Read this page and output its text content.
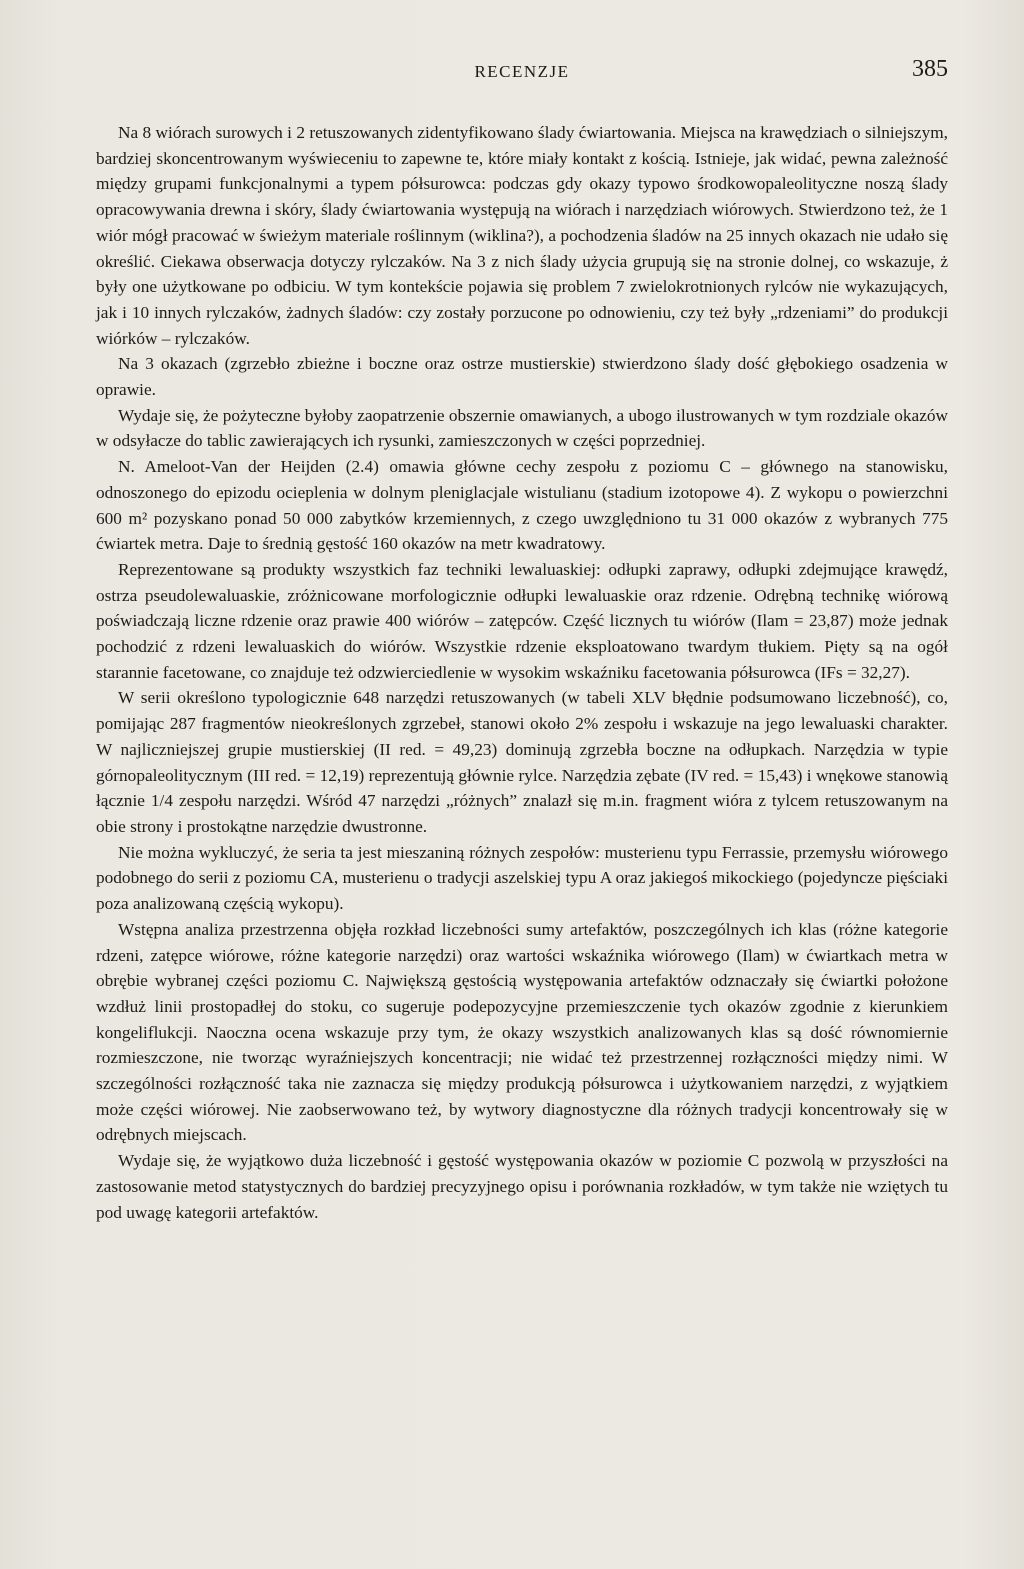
RECENZJE	385

Na 8 wiórach surowych i 2 retuszowanych zidentyfikowano ślady ćwiartowania. Miejsca na krawędziach o silniejszym, bardziej skoncentrowanym wyświeceniu to zapewne te, które miały kontakt z kością. Istnieje, jak widać, pewna zależność między grupami funkcjonalnymi a typem półsurowca: podczas gdy okazy typowo środkowopaleolityczne noszą ślady opracowywania drewna i skóry, ślady ćwiartowania występują na wiórach i narzędziach wiórowych. Stwierdzono też, że 1 wiór mógł pracować w świeżym materiale roślinnym (wiklina?), a pochodzenia śladów na 25 innych okazach nie udało się określić. Ciekawa obserwacja dotyczy rylczaków. Na 3 z nich ślady użycia grupują się na stronie dolnej, co wskazuje, ż były one użytkowane po odbiciu. W tym kontekście pojawia się problem 7 zwielokrotnionych rylców nie wykazujących, jak i 10 innych rylczaków, żadnych śladów: czy zostały porzucone po odnowieniu, czy też były „rdzeniami” do produkcji wiórków – rylczaków.

Na 3 okazach (zgrzebło zbieżne i boczne oraz ostrze mustierskie) stwierdzono ślady dość głębokiego osadzenia w oprawie.

Wydaje się, że pożyteczne byłoby zaopatrzenie obszernie omawianych, a ubogo ilustrowanych w tym rozdziale okazów w odsyłacze do tablic zawierających ich rysunki, zamieszczonych w części poprzedniej.

N. Ameloot-Van der Heijden (2.4) omawia główne cechy zespołu z poziomu C – głównego na stanowisku, odnoszonego do epizodu ocieplenia w dolnym pleniglacjale wistulianu (stadium izotopowe 4). Z wykopu o powierzchni 600 m² pozyskano ponad 50 000 zabytków krzemiennych, z czego uwzględniono tu 31 000 okazów z wybranych 775 ćwiartek metra. Daje to średnią gęstość 160 okazów na metr kwadratowy.

Reprezentowane są produkty wszystkich faz techniki lewaluaskiej: odłupki zaprawy, odłupki zdejmujące krawędź, ostrza pseudolewaluaskie, zróżnicowane morfologicznie odłupki lewaluaskie oraz rdzenie. Odrębną technikę wiórową poświadczają liczne rdzenie oraz prawie 400 wiórów – zatępców. Część licznych tu wiórów (Ilam = 23,87) może jednak pochodzić z rdzeni lewaluaskich do wiórów. Wszystkie rdzenie eksploatowano twardym tłukiem. Pięty są na ogół starannie facetowane, co znajduje też odzwierciedlenie w wysokim wskaźniku facetowania półsurowca (IFs = 32,27).

W serii określono typologicznie 648 narzędzi retuszowanych (w tabeli XLV błędnie podsumowano liczebność), co, pomijając 287 fragmentów nieokreślonych zgrzebeł, stanowi około 2% zespołu i wskazuje na jego lewaluaski charakter. W najliczniejszej grupie mustierskiej (II red. = 49,23) dominują zgrzebła boczne na odłupkach. Narzędzia w typie górnopaleolitycznym (III red. = 12,19) reprezentują głównie rylce. Narzędzia zębate (IV red. = 15,43) i wnękowe stanowią łącznie 1/4 zespołu narzędzi. Wśród 47 narzędzi „różnych” znalazł się m.in. fragment wióra z tylcem retuszowanym na obie strony i prostokątne narzędzie dwustronne.

Nie można wykluczyć, że seria ta jest mieszaniną różnych zespołów: musterienu typu Ferrassie, przemysłu wiórowego podobnego do serii z poziomu CA, musterienu o tradycji aszelskiej typu A oraz jakiegoś mikockiego (pojedyncze pięściaki poza analizowaną częścią wykopu).

Wstępna analiza przestrzenna objęła rozkład liczebności sumy artefaktów, poszczególnych ich klas (różne kategorie rdzeni, zatępce wiórowe, różne kategorie narzędzi) oraz wartości wskaźnika wiórowego (Ilam) w ćwiartkach metra w obrębie wybranej części poziomu C. Największą gęstością występowania artefaktów odznaczały się ćwiartki położone wzdłuż linii prostopadłej do stoku, co sugeruje podepozycyjne przemieszczenie tych okazów zgodnie z kierunkiem kongeliflukcji. Naoczna ocena wskazuje przy tym, że okazy wszystkich analizowanych klas są dość równomiernie rozmieszczone, nie tworząc wyraźniejszych koncentracji; nie widać też przestrzennej rozłączności między nimi. W szczególności rozłączność taka nie zaznacza się między produkcją półsurowca i użytkowaniem narzędzi, z wyjątkiem może części wiórowej. Nie zaobserwowano też, by wytwory diagnostyczne dla różnych tradycji koncentrowały się w odrębnych miejscach.

Wydaje się, że wyjątkowo duża liczebność i gęstość występowania okazów w poziomie C pozwolą w przyszłości na zastosowanie metod statystycznych do bardziej precyzyjnego opisu i porównania rozkładów, w tym także nie wziętych tu pod uwagę kategorii artefaktów.
